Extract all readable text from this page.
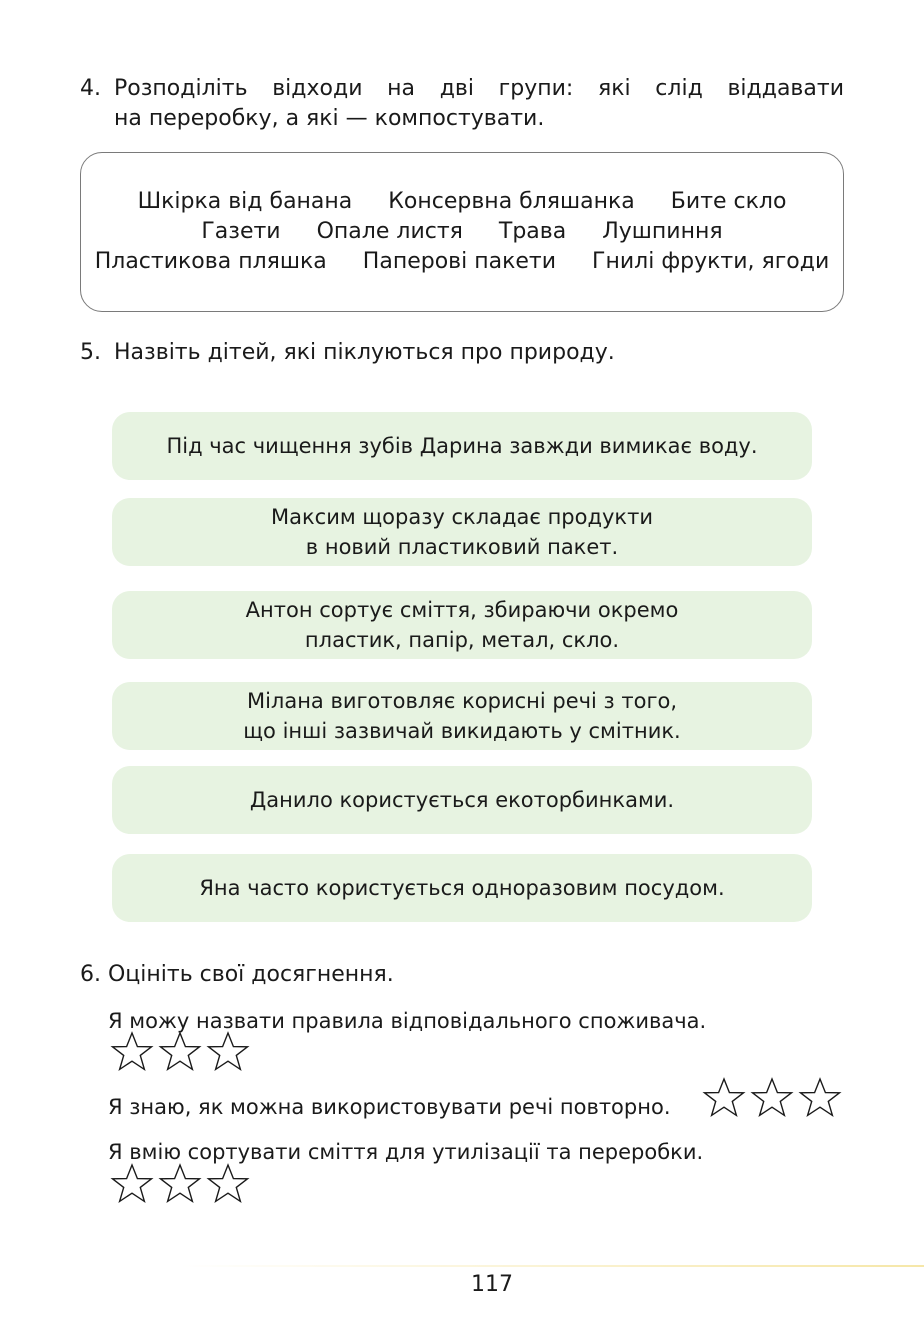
4. Розподіліть відходи на дві групи: які слід віддавати
на переробку, а які — компостувати.
Шкірка від банана Консервна бляшанка Бите скло
Газети Опале листя Трава Лушпиння
Пластикова пляшка Паперові пакети Гнилі фрукти, ягоди
5. Назвіть дітей, які піклуються про природу.
Під час чищення зубів Дарина завжди вимикає воду.
Максим щоразу складає продукти
в новий пластиковий пакет.
Антон сортує сміття, збираючи окремо
пластик, папір, метал, скло.
Мілана виготовляє корисні речі з того,
що інші зазвичай викидають у смітник.
Данило користується екоторбинками.
Яна часто користується одноразовим посудом.
6. Оцініть свої досягнення.
Я можу назвати правила відповідального споживача.
Я знаю, як можна використовувати речі повторно.
Я вмію сортувати сміття для утилізації та переробки.
117
